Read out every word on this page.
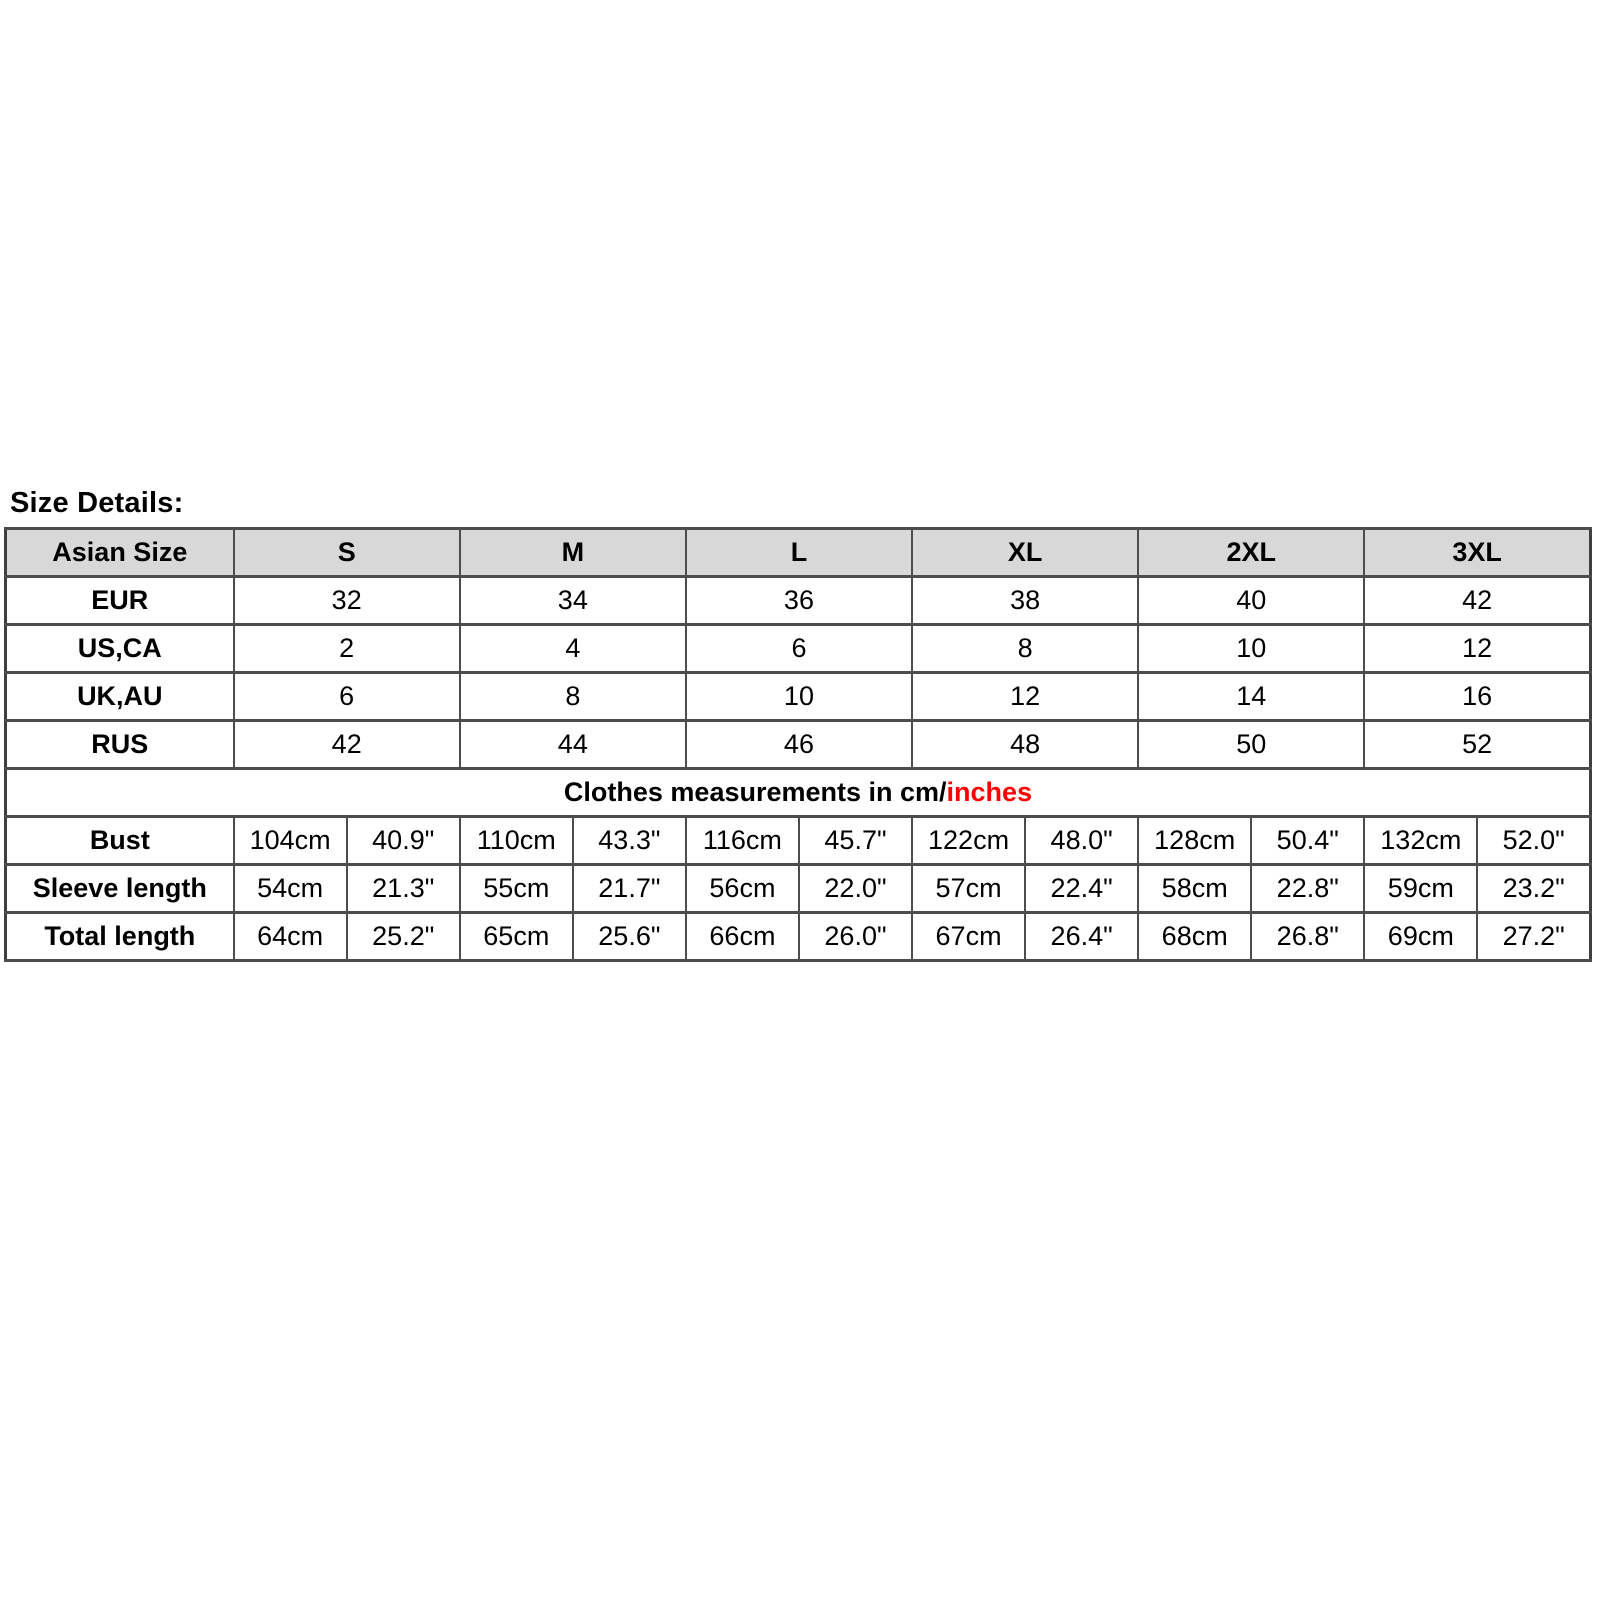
Size Details:
Asian Size	S		M		L		XL		2XL		3XL	
EUR	32		34		36		38		40		42	
US,CA	2		4		6		8		10		12	
UK,AU	6		8		10		12		14		16	
RUS	42		44		46		48		50		52	
Clothes measurements in cm/inches												
Bust	104cm	40.9"	110cm	43.3"	116cm	45.7"	122cm	48.0"	128cm	50.4"	132cm	52.0"
Sleeve length	54cm	21.3"	55cm	21.7"	56cm	22.0"	57cm	22.4"	58cm	22.8"	59cm	23.2"
Total length	64cm	25.2"	65cm	25.6"	66cm	26.0"	67cm	26.4"	68cm	26.8"	69cm	27.2"
